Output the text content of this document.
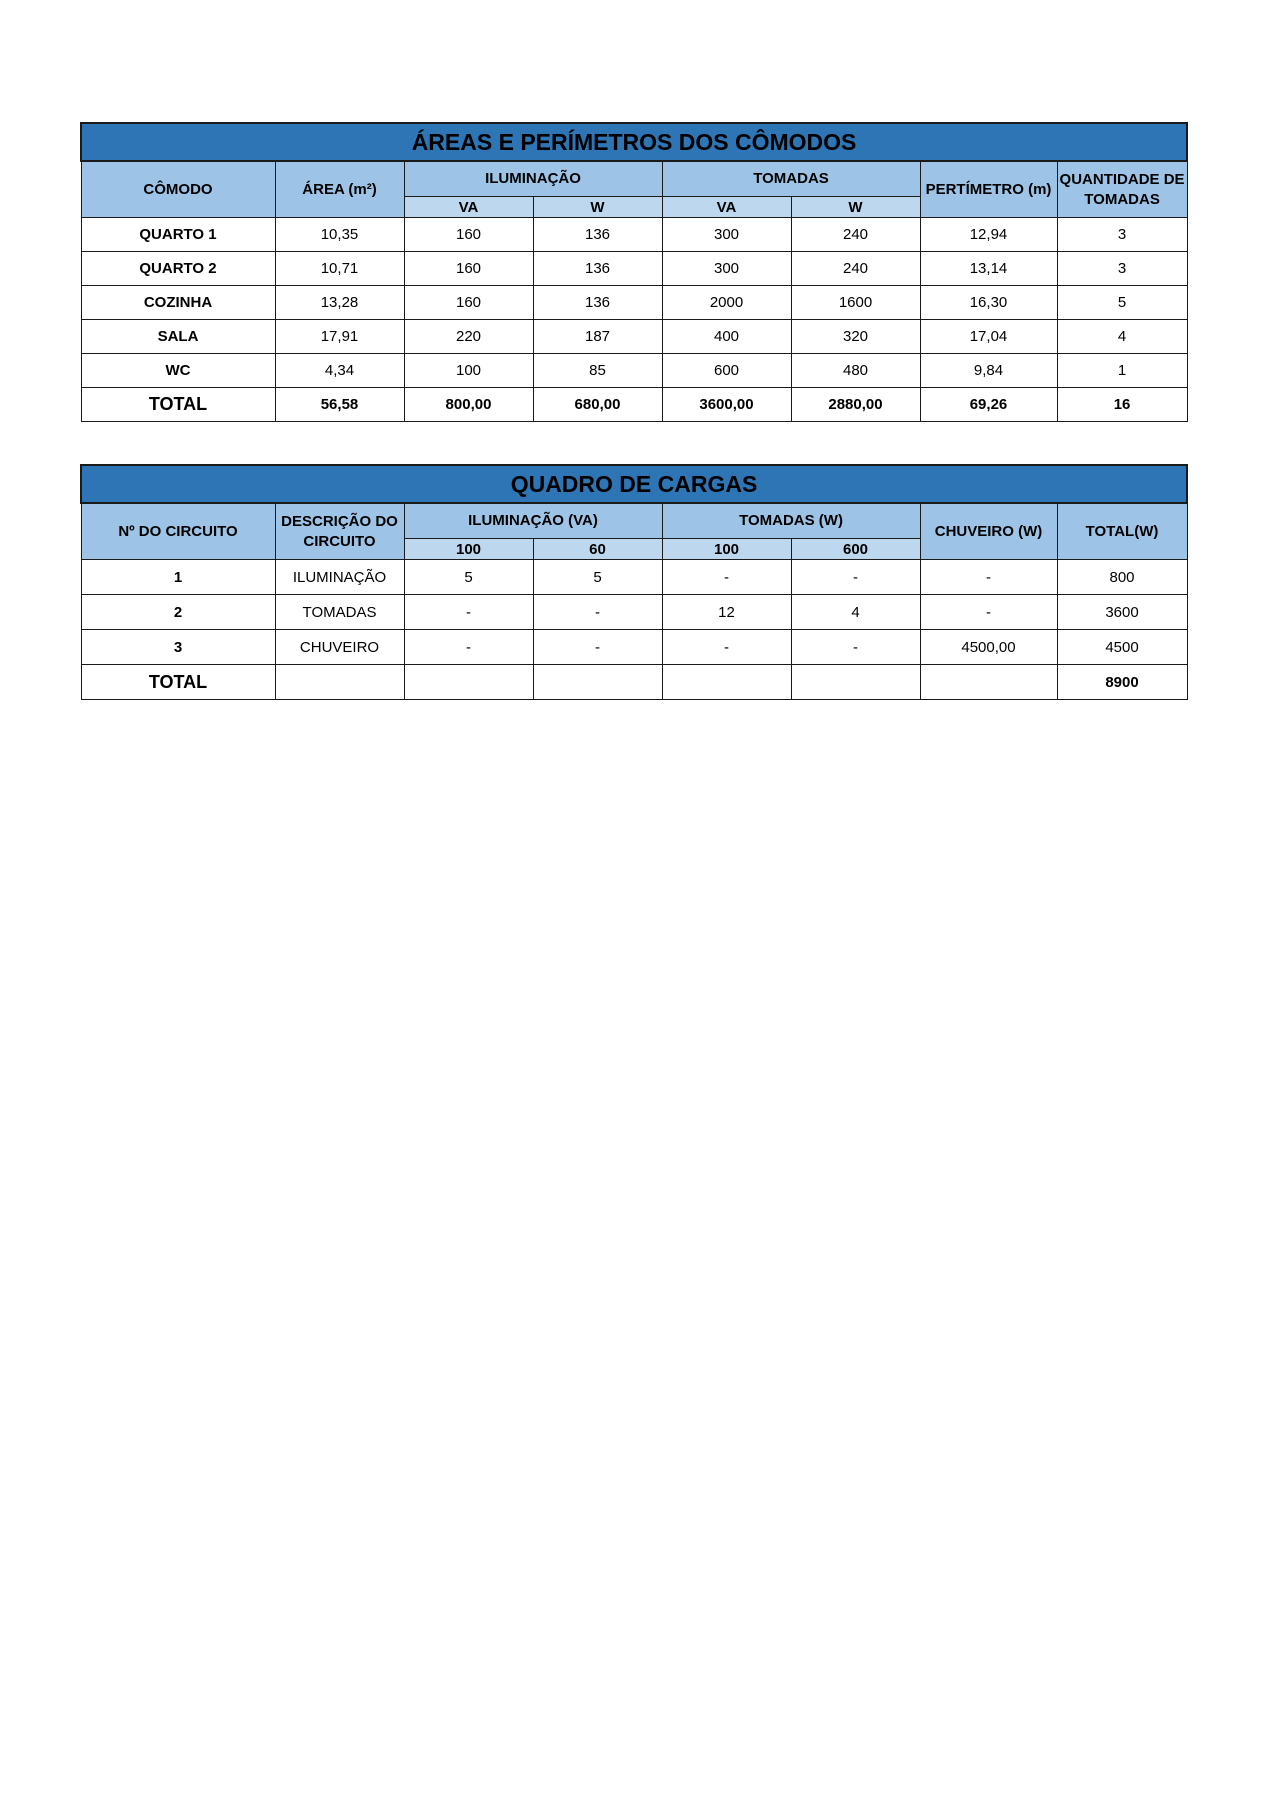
ÁREAS E PERÍMETROS DOS CÔMODOS							
CÔMODO	ÁREA (m²)	ILUMINAÇÃO		TOMADAS		PERTÍMETRO (m)	QUANTIDADE DE TOMADAS
		VA	W	VA	W		
QUARTO 1	10,35	160	136	300	240	12,94	3
QUARTO 2	10,71	160	136	300	240	13,14	3
COZINHA	13,28	160	136	2000	1600	16,30	5
SALA	17,91	220	187	400	320	17,04	4
WC	4,34	100	85	600	480	9,84	1
TOTAL	56,58	800,00	680,00	3600,00	2880,00	69,26	16
QUADRO DE CARGAS							
Nº DO CIRCUITO	DESCRIÇÃO DO CIRCUITO	ILUMINAÇÃO (VA)		TOMADAS (W)		CHUVEIRO (W)	TOTAL(W)
		100	60	100	600		
1	ILUMINAÇÃO	5	5	-	-	-	800
2	TOMADAS	-	-	12	4	-	3600
3	CHUVEIRO	-	-	-	-	4500,00	4500
TOTAL							8900
